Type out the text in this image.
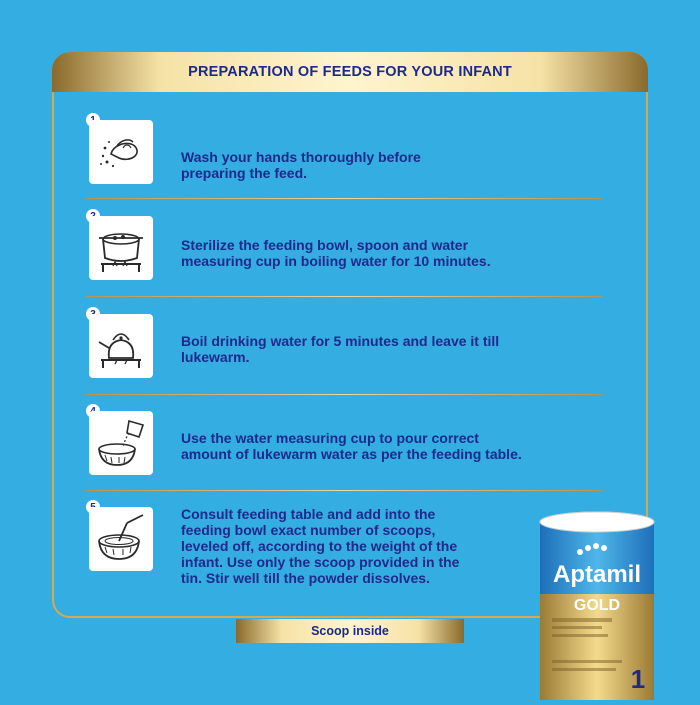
PREPARATION OF FEEDS FOR YOUR INFANT
Wash your hands thoroughly before
preparing the feed.
Sterilize the feeding bowl, spoon and water
measuring cup in boiling water for 10 minutes.
Boil drinking water for 5 minutes and leave it till
lukewarm.
Use the water measuring cup to pour correct
amount of lukewarm water as per the feeding table.
Consult feeding table and add into the
feeding bowl exact number of scoops,
leveled off, according to the weight of the
infant. Use only the scoop provided in the
tin. Stir well till the powder dissolves.
Scoop inside
Aptamil
GOLD
1
